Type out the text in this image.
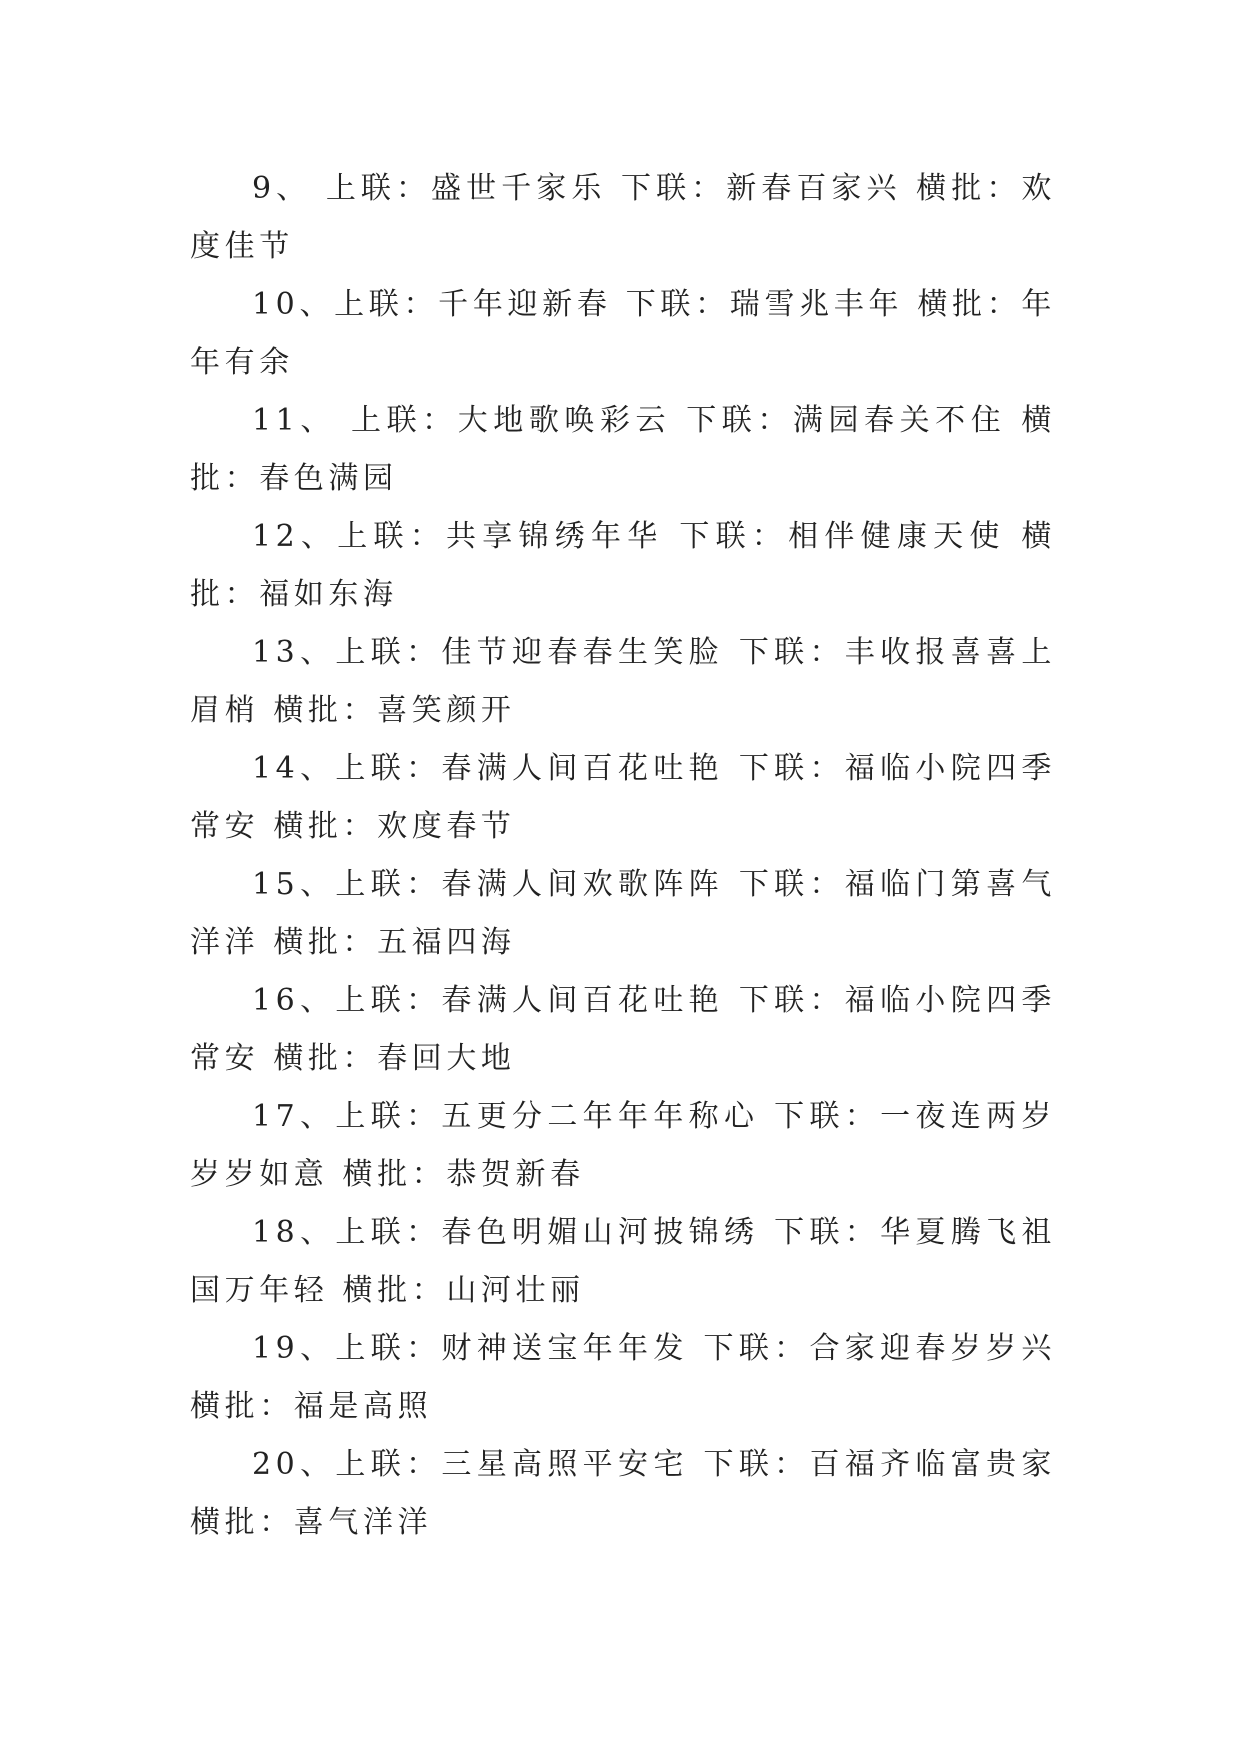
9、 上联：盛世千家乐 下联：新春百家兴 横批：欢度佳节

10、上联：千年迎新春 下联：瑞雪兆丰年 横批：年年有余

11、 上联：大地歌唤彩云 下联：满园春关不住 横批：春色满园

12、上联：共享锦绣年华 下联：相伴健康天使 横批：福如东海

13、上联：佳节迎春春生笑脸 下联：丰收报喜喜上眉梢 横批：喜笑颜开

14、上联：春满人间百花吐艳 下联：福临小院四季常安 横批：欢度春节

15、上联：春满人间欢歌阵阵 下联：福临门第喜气洋洋 横批：五福四海

16、上联：春满人间百花吐艳 下联：福临小院四季常安 横批：春回大地

17、上联：五更分二年年年称心 下联：一夜连两岁岁岁如意 横批：恭贺新春

18、上联：春色明媚山河披锦绣 下联：华夏腾飞祖国万年轻 横批：山河壮丽

19、上联：财神送宝年年发 下联：合家迎春岁岁兴 横批：福是高照

20、上联：三星高照平安宅 下联：百福齐临富贵家 横批：喜气洋洋
